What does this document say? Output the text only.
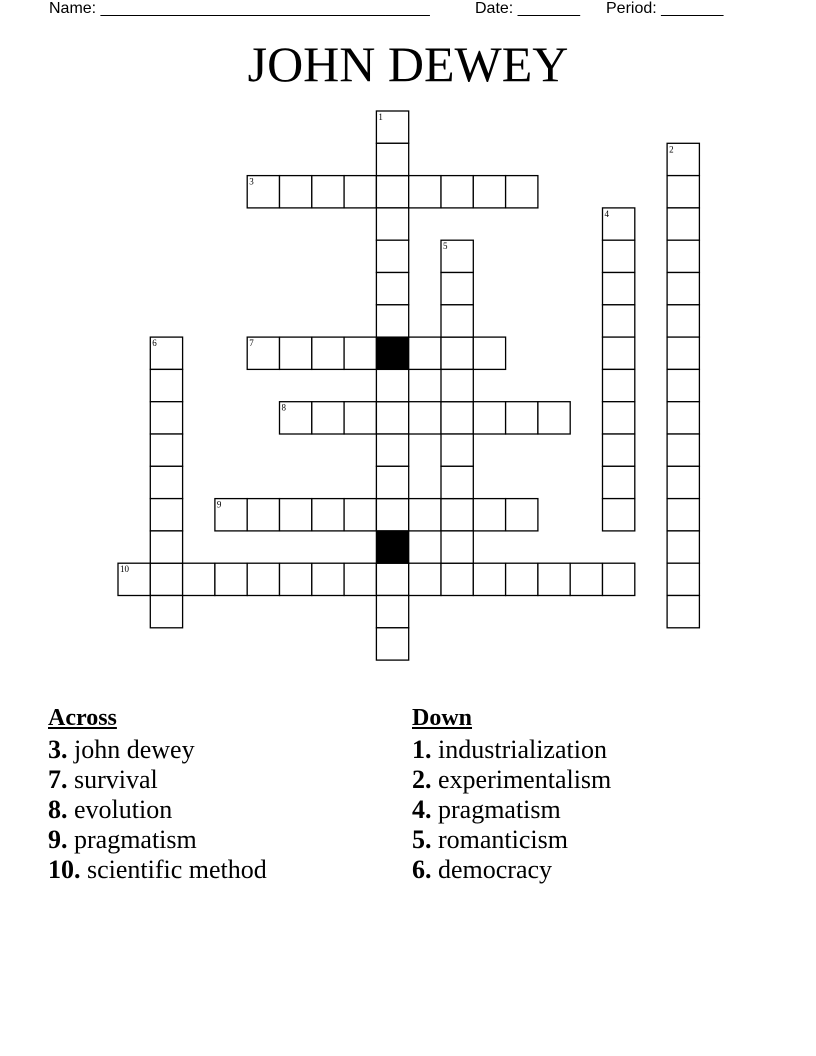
Name: _____________________________________	Date: _______ Period: _______
JOHN DEWEY
1
2
3
4
5
6	7
8
9
10
Across
3. john dewey
7. survival
8. evolution
9. pragmatism
10. scientific method
Down
1. industrialization
2. experimentalism
4. pragmatism
5. romanticism
6. democracy
